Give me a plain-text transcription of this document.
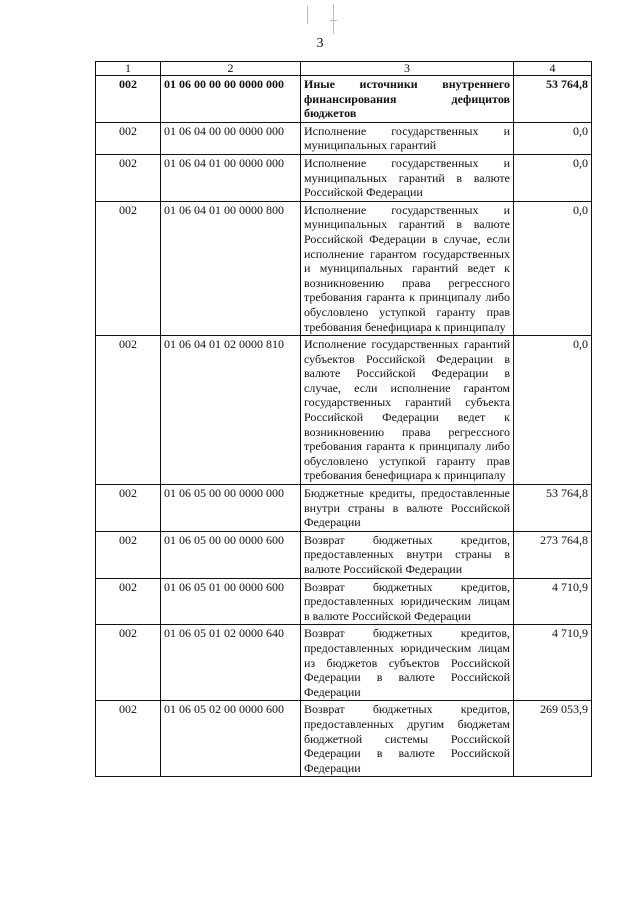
3
1	2	3	4
002	01 06 00 00 00 0000 000	Иные источники внутреннего финансирования дефицитов бюджетов	53 764,8
002	01 06 04 00 00 0000 000	Исполнение государственных и муниципальных гарантий	0,0
002	01 06 04 01 00 0000 000	Исполнение государственных и муниципальных гарантий в валюте Российской Федерации	0,0
002	01 06 04 01 00 0000 800	Исполнение государственных и муниципальных гарантий в валюте Российской Федерации в случае, если исполнение гарантом государственных и муниципальных гарантий ведет к возникновению права регрессного требования гаранта к принципалу либо обусловлено уступкой гаранту прав требования бенефициара к принципалу	0,0
002	01 06 04 01 02 0000 810	Исполнение государственных гарантий субъектов Российской Федерации в валюте Российской Федерации в случае, если исполнение гарантом государственных гарантий субъекта Российской Федерации ведет к возникновению права регрессного требования гаранта к принципалу либо обусловлено уступкой гаранту прав требования бенефициара к принципалу	0,0
002	01 06 05 00 00 0000 000	Бюджетные кредиты, предоставленные внутри страны в валюте Российской Федерации	53 764,8
002	01 06 05 00 00 0000 600	Возврат бюджетных кредитов, предоставленных внутри страны в валюте Российской Федерации	273 764,8
002	01 06 05 01 00 0000 600	Возврат бюджетных кредитов, предоставленных юридическим лицам в валюте Российской Федерации	4 710,9
002	01 06 05 01 02 0000 640	Возврат бюджетных кредитов, предоставленных юридическим лицам из бюджетов субъектов Российской Федерации в валюте Российской Федерации	4 710,9
002	01 06 05 02 00 0000 600	Возврат бюджетных кредитов, предоставленных другим бюджетам бюджетной системы Российской Федерации в валюте Российской Федерации	269 053,9
